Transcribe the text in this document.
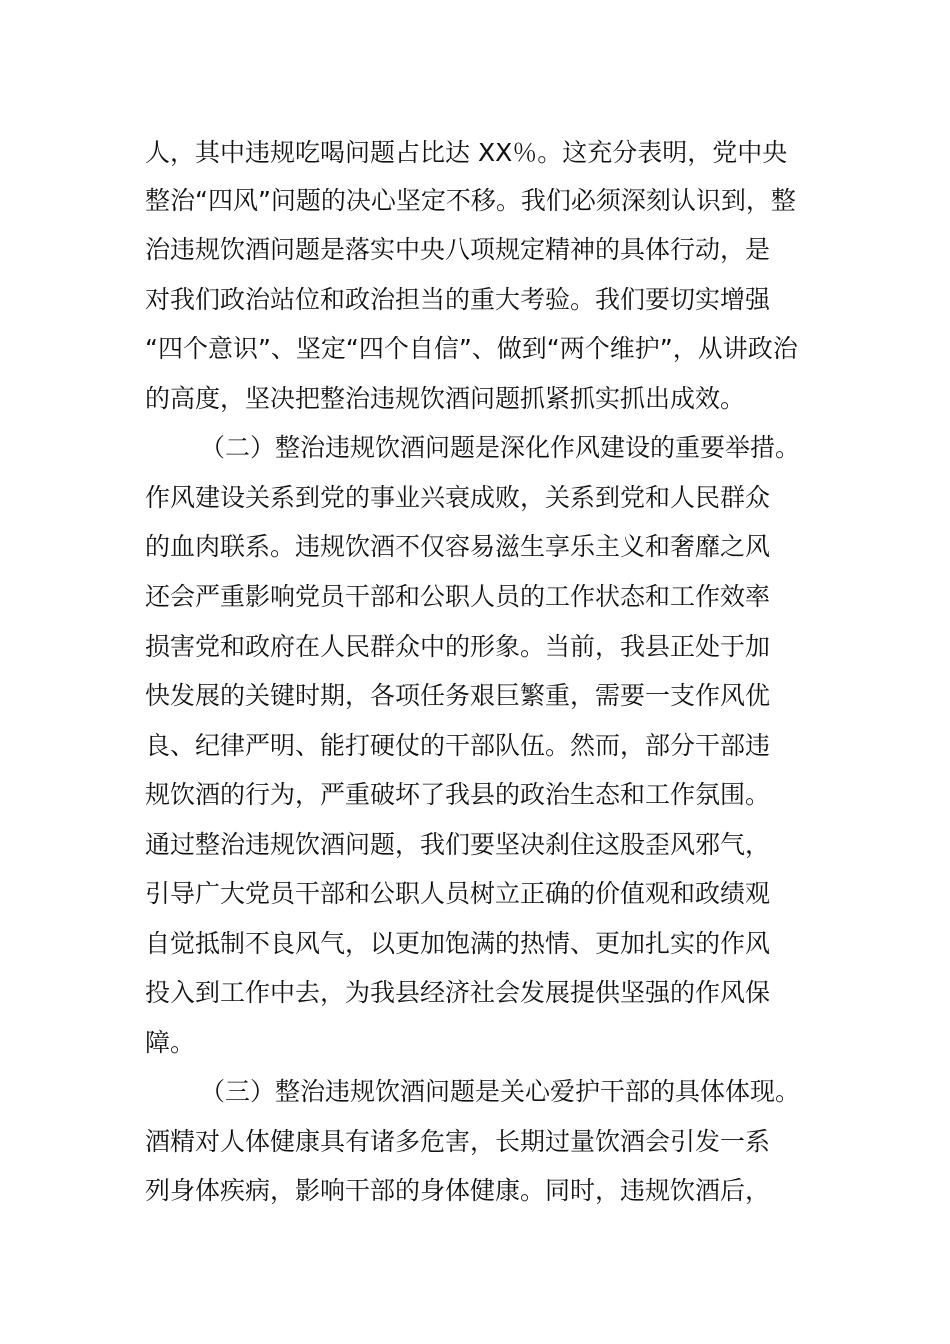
人，其中违规吃喝问题占比达 XX％。这充分表明，党中央
整治“四风”问题的决心坚定不移。我们必须深刻认识到，整
治违规饮酒问题是落实中央八项规定精神的具体行动，是
对我们政治站位和政治担当的重大考验。我们要切实增强
“四个意识”、坚定“四个自信”、做到“两个维护”，从讲政治
的高度，坚决把整治违规饮酒问题抓紧抓实抓出成效。
（二）整治违规饮酒问题是深化作风建设的重要举措。
作风建设关系到党的事业兴衰成败，关系到党和人民群众
的血肉联系。违规饮酒不仅容易滋生享乐主义和奢靡之风
还会严重影响党员干部和公职人员的工作状态和工作效率
损害党和政府在人民群众中的形象。当前，我县正处于加
快发展的关键时期，各项任务艰巨繁重，需要一支作风优
良、纪律严明、能打硬仗的干部队伍。然而，部分干部违
规饮酒的行为，严重破坏了我县的政治生态和工作氛围。
通过整治违规饮酒问题，我们要坚决刹住这股歪风邪气，
引导广大党员干部和公职人员树立正确的价值观和政绩观
自觉抵制不良风气，以更加饱满的热情、更加扎实的作风
投入到工作中去，为我县经济社会发展提供坚强的作风保
障。
（三）整治违规饮酒问题是关心爱护干部的具体体现。
酒精对人体健康具有诸多危害，长期过量饮酒会引发一系
列身体疾病，影响干部的身体健康。同时，违规饮酒后，
